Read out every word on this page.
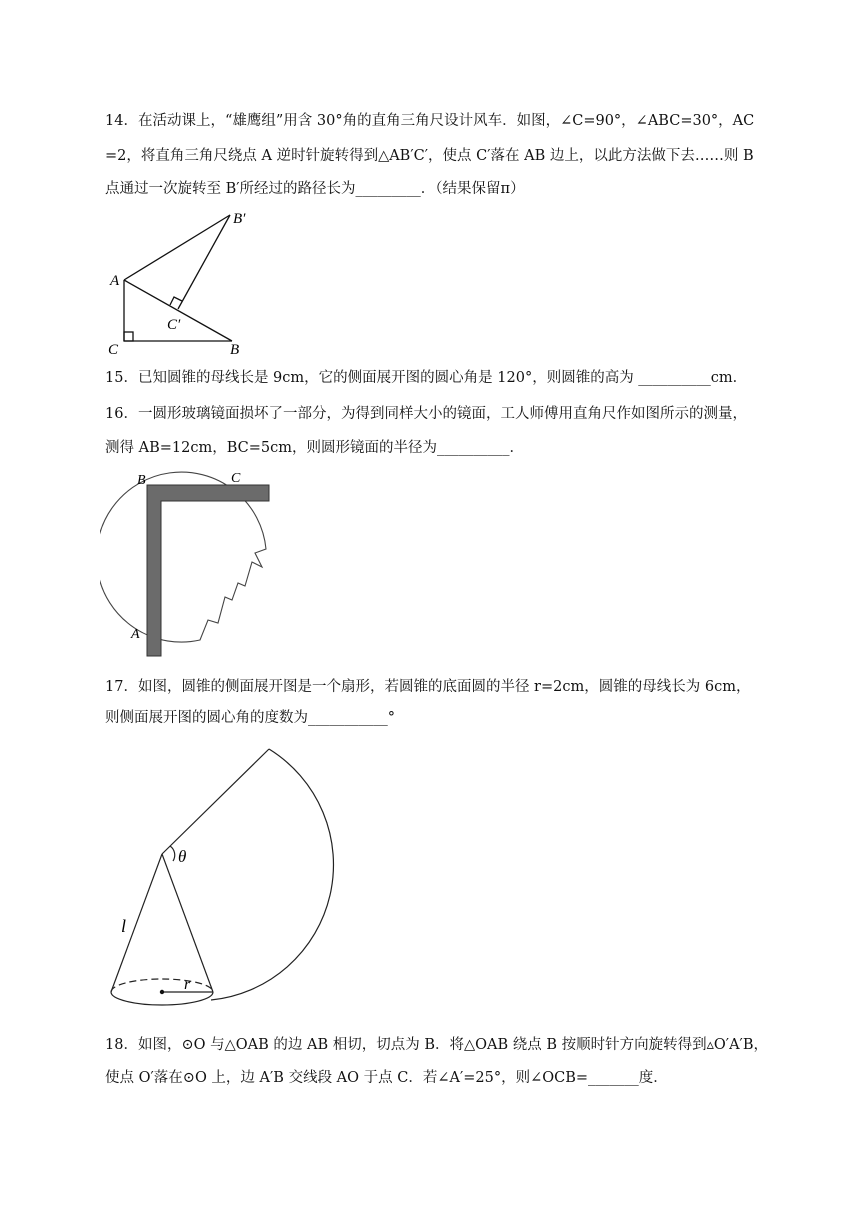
14．在活动课上，“雄鹰组”用含 30°角的直角三角尺设计风车．如图，∠C=90°，∠ABC=30°，AC
=2，将直角三角尺绕点 A 逆时针旋转得到△AB′C′，使点 C′落在 AB 边上，以此方法做下去……则 B
点通过一次旋转至 B′所经过的路径长为_________．（结果保留π）
A
B
C
B′
C′
15．已知圆锥的母线长是 9cm，它的侧面展开图的圆心角是 120°，则圆锥的高为 __________cm．
16．一圆形玻璃镜面损坏了一部分，为得到同样大小的镜面，工人师傅用直角尺作如图所示的测量，
测得 AB=12cm，BC=5cm，则圆形镜面的半径为__________．
B	C
A
17．如图，圆锥的侧面展开图是一个扇形，若圆锥的底面圆的半径 r=2cm，圆锥的母线长为 6cm，
则侧面展开图的圆心角的度数为___________°
θ
l
r
18．如图，⊙O 与△OAB 的边 AB 相切，切点为 B．将△OAB 绕点 B 按顺时针方向旋转得到▵O′A′B，
使点 O′落在⊙O 上，边 A′B 交线段 AO 于点 C．若∠A′=25°，则∠OCB=_______度．
